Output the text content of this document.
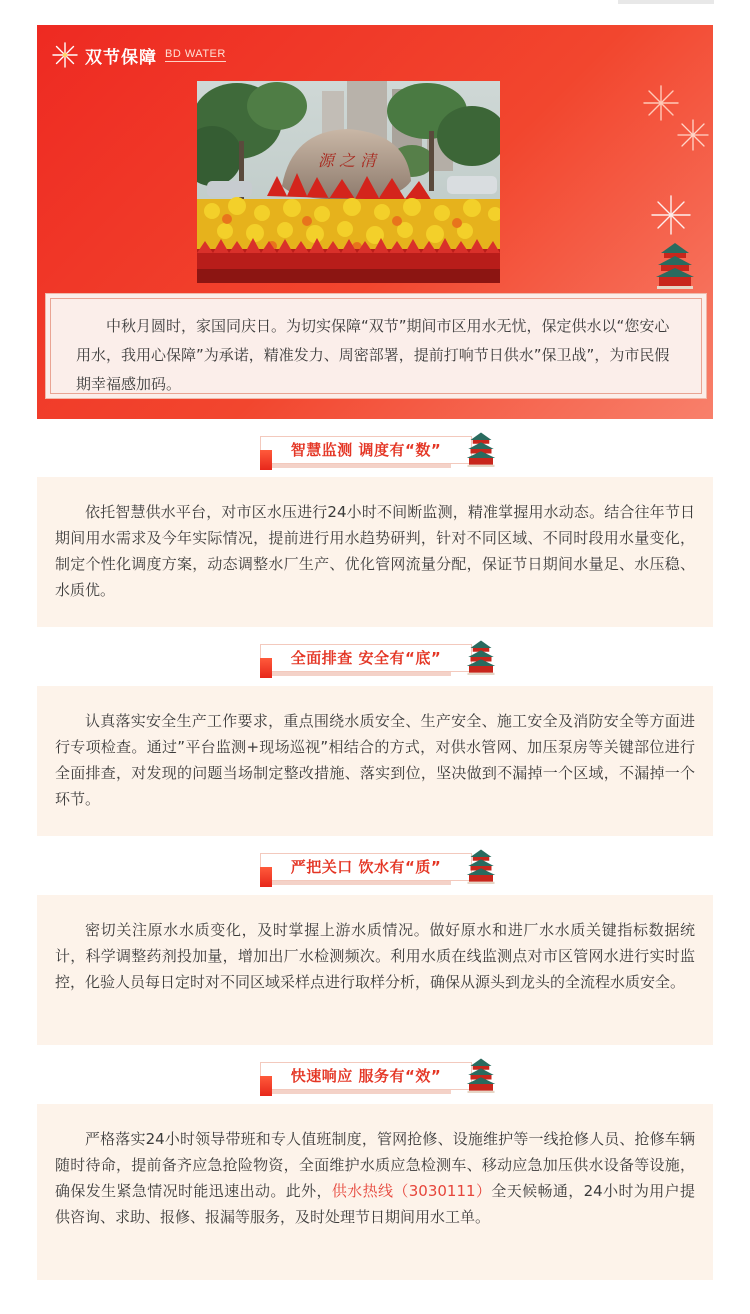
双节保障 BD WATER
源 之 清
中秋月圆时，家国同庆日。为切实保障“双节”期间市区用水无忧，保定供水以“您安心用水，我用心保障”为承诺，精准发力、周密部署，提前打响节日供水”保卫战”，为市民假期幸福感加码。
智慧监测 调度有“数”
依托智慧供水平台，对市区水压进行24小时不间断监测，精准掌握用水动态。结合往年节日期间用水需求及今年实际情况，提前进行用水趋势研判，针对不同区域、不同时段用水量变化，制定个性化调度方案，动态调整水厂生产、优化管网流量分配，保证节日期间水量足、水压稳、水质优。
全面排查 安全有“底”
认真落实安全生产工作要求，重点围绕水质安全、生产安全、施工安全及消防安全等方面进行专项检查。通过”平台监测+现场巡视”相结合的方式，对供水管网、加压泵房等关键部位进行全面排查，对发现的问题当场制定整改措施、落实到位，坚决做到不漏掉一个区域，不漏掉一个环节。
严把关口 饮水有“质”
密切关注原水水质变化，及时掌握上游水质情况。做好原水和进厂水水质关键指标数据统计，科学调整药剂投加量，增加出厂水检测频次。利用水质在线监测点对市区管网水进行实时监控，化验人员每日定时对不同区域采样点进行取样分析，确保从源头到龙头的全流程水质安全。
快速响应 服务有“效”
严格落实24小时领导带班和专人值班制度，管网抢修、设施维护等一线抢修人员、抢修车辆随时待命，提前备齐应急抢险物资，全面维护水质应急检测车、移动应急加压供水设备等设施，确保发生紧急情况时能迅速出动。此外，供水热线（3030111）全天候畅通，24小时为用户提供咨询、求助、报修、报漏等服务，及时处理节日期间用水工单。
